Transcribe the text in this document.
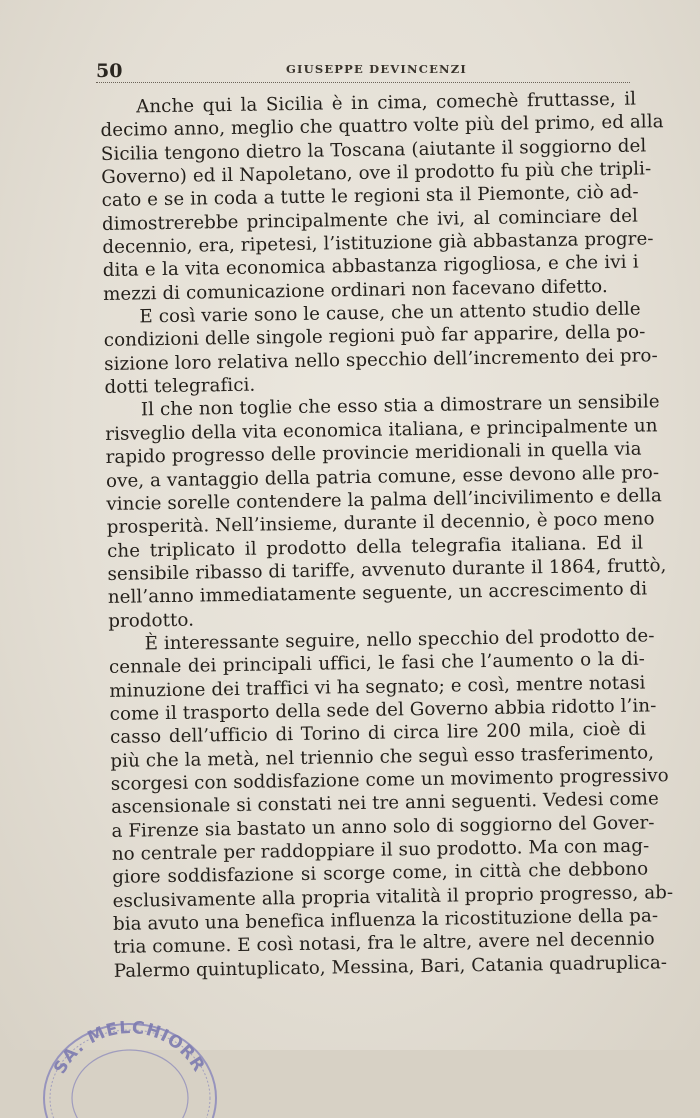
50	GIUSEPPE DEVINCENZI

Anche qui la Sicilia è in cima, comechè fruttasse, il
decimo anno, meglio che quattro volte più del primo, ed alla
Sicilia tengono dietro la Toscana (aiutante il soggiorno del
Governo) ed il Napoletano, ove il prodotto fu più che tripli-
cato e se in coda a tutte le regioni sta il Piemonte, ciò ad-
dimostrerebbe principalmente che ivi, al cominciare del
decennio, era, ripetesi, l’istituzione già abbastanza progre-
dita e la vita economica abbastanza rigogliosa, e che ivi i
mezzi di comunicazione ordinari non facevano difetto.

E così varie sono le cause, che un attento studio delle
condizioni delle singole regioni può far apparire, della po-
sizione loro relativa nello specchio dell’incremento dei pro-
dotti telegrafici.

Il che non toglie che esso stia a dimostrare un sensibile
risveglio della vita economica italiana, e principalmente un
rapido progresso delle provincie meridionali in quella via
ove, a vantaggio della patria comune, esse devono alle pro-
vincie sorelle contendere la palma dell’incivilimento e della
prosperità. Nell’insieme, durante il decennio, è poco meno
che triplicato il prodotto della telegrafia italiana. Ed il
sensibile ribasso di tariffe, avvenuto durante il 1864, fruttò,
nell’anno immediatamente seguente, un accrescimento di
prodotto.

È interessante seguire, nello specchio del prodotto de-
cennale dei principali uffici, le fasi che l’aumento o la di-
minuzione dei traffici vi ha segnato; e così, mentre notasi
come il trasporto della sede del Governo abbia ridotto l’in-
casso dell’ufficio di Torino di circa lire 200 mila, cioè di
più che la metà, nel triennio che seguì esso trasferimento,
scorgesi con soddisfazione come un movimento progressivo
ascensionale si constati nei tre anni seguenti. Vedesi come
a Firenze sia bastato un anno solo di soggiorno del Gover-
no centrale per raddoppiare il suo prodotto. Ma con mag-
giore soddisfazione si scorge come, in città che debbono
esclusivamente alla propria vitalità il proprio progresso, ab-
bia avuto una benefica influenza la ricostituzione della pa-
tria comune. E così notasi, fra le altre, avere nel decennio
Palermo quintuplicato, Messina, Bari, Catania quadruplica-

SA. MELCHIORR
